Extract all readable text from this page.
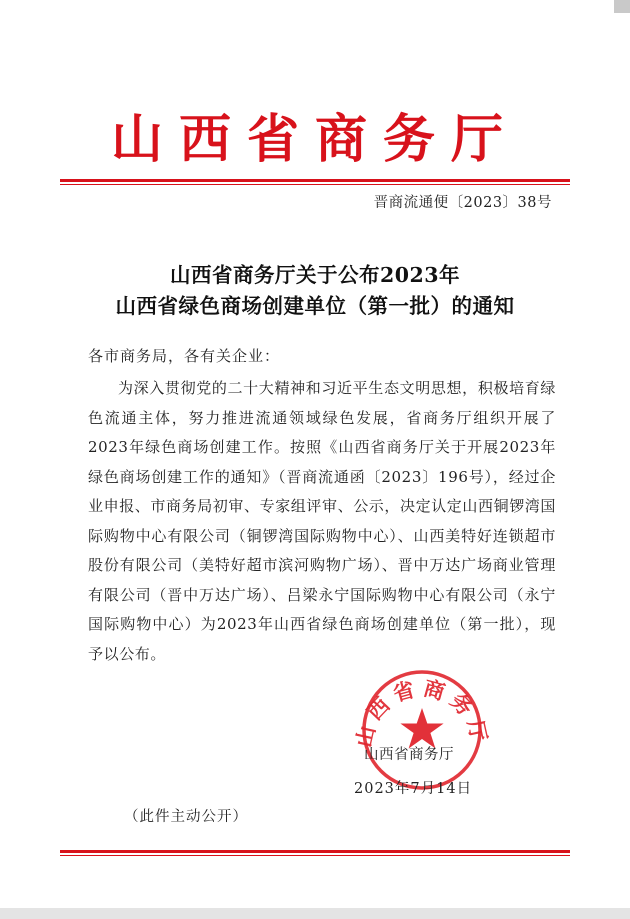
山西省商务厅
晋商流通便〔2023〕38号
山西省商务厅关于公布2023年
山西省绿色商场创建单位（第一批）的通知
各市商务局，各有关企业：
为深入贯彻党的二十大精神和习近平生态文明思想，积极培育绿色流通主体，努力推进流通领域绿色发展，省商务厅组织开展了2023年绿色商场创建工作。按照《山西省商务厅关于开展2023年绿色商场创建工作的通知》（晋商流通函〔2023〕196号），经过企业申报、市商务局初审、专家组评审、公示，决定认定山西铜锣湾国际购物中心有限公司（铜锣湾国际购物中心）、山西美特好连锁超市股份有限公司（美特好超市滨河购物广场）、晋中万达广场商业管理有限公司（晋中万达广场）、吕梁永宁国际购物中心有限公司（永宁国际购物中心）为2023年山西省绿色商场创建单位（第一批），现予以公布。
山西省商务厅
山西省商务厅
2023年7月14日
（此件主动公开）
